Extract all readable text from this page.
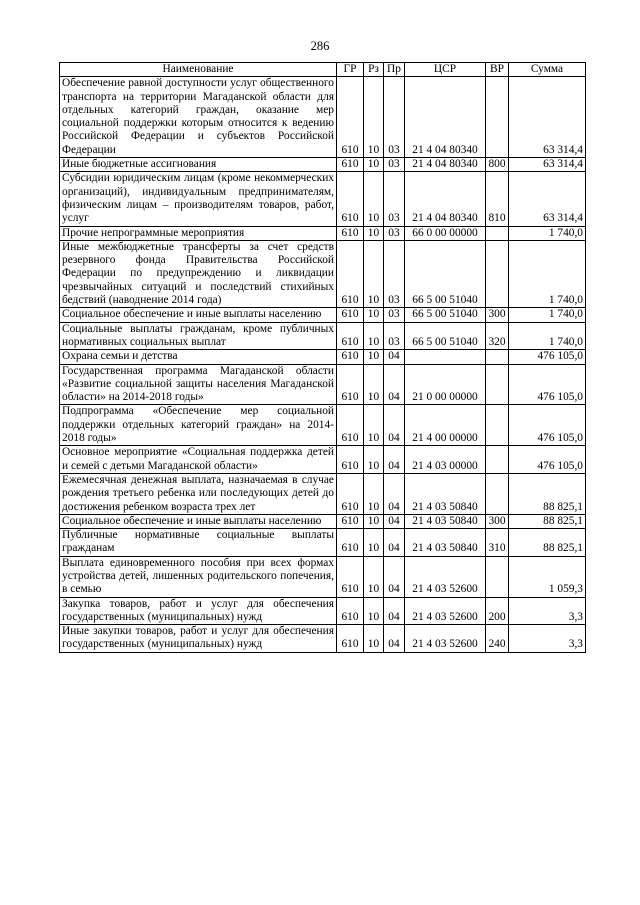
286
Наименование	ГР	Рз	Пр	ЦСР	ВР	Сумма
Обеспечение равной доступности услуг общественного транспорта на территории Магаданской области для отдельных категорий граждан, оказание мер социальной поддержки которым относится к ведению Российской Федерации и субъектов Российской Федерации	610	10	03	21 4 04 80340		63 314,4
Иные бюджетные ассигнования	610	10	03	21 4 04 80340	800	63 314,4
Субсидии юридическим лицам (кроме некоммерческих организаций), индивидуальным предпринимателям, физическим лицам – производителям товаров, работ, услуг	610	10	03	21 4 04 80340	810	63 314,4
Прочие непрограммные мероприятия	610	10	03	66 0 00 00000		1 740,0
Иные межбюджетные трансферты за счет средств резервного фонда Правительства Российской Федерации по предупреждению и ликвидации чрезвычайных ситуаций и последствий стихийных бедствий (наводнение 2014 года)	610	10	03	66 5 00 51040		1 740,0
Социальное обеспечение и иные выплаты населению	610	10	03	66 5 00 51040	300	1 740,0
Социальные выплаты гражданам, кроме публичных нормативных социальных выплат	610	10	03	66 5 00 51040	320	1 740,0
Охрана семьи и детства	610	10	04			476 105,0
Государственная программа Магаданской области «Развитие социальной защиты населения Магаданской области» на 2014-2018 годы»	610	10	04	21 0 00 00000		476 105,0
Подпрограмма «Обеспечение мер социальной поддержки отдельных категорий граждан» на 2014-2018 годы»	610	10	04	21 4 00 00000		476 105,0
Основное мероприятие «Социальная поддержка детей и семей с детьми Магаданской области»	610	10	04	21 4 03 00000		476 105,0
Ежемесячная денежная выплата, назначаемая в случае рождения третьего ребенка или последующих детей до достижения ребенком возраста трех лет	610	10	04	21 4 03 50840		88 825,1
Социальное обеспечение и иные выплаты населению	610	10	04	21 4 03 50840	300	88 825,1
Публичные нормативные социальные выплаты гражданам	610	10	04	21 4 03 50840	310	88 825,1
Выплата единовременного пособия при всех формах устройства детей, лишенных родительского попечения, в семью	610	10	04	21 4 03 52600		1 059,3
Закупка товаров, работ и услуг для обеспечения государственных (муниципальных) нужд	610	10	04	21 4 03 52600	200	3,3
Иные закупки товаров, работ и услуг для обеспечения государственных (муниципальных) нужд	610	10	04	21 4 03 52600	240	3,3
